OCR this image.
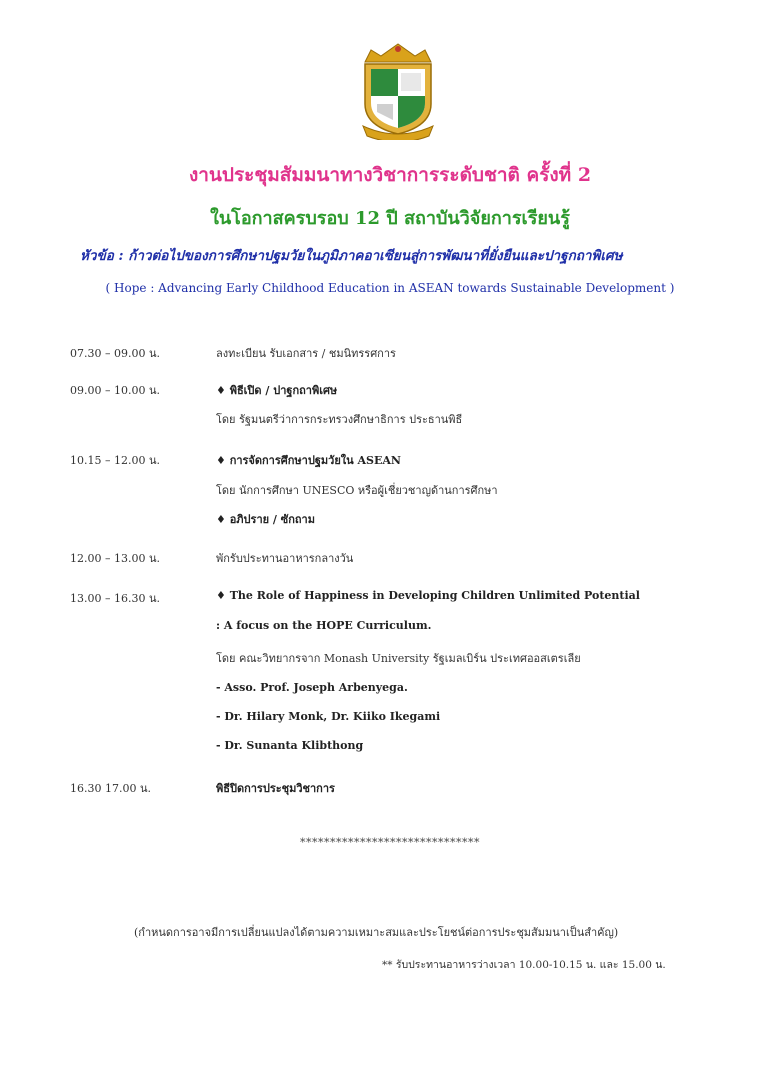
งานประชุมสัมมนาทางวิชาการระดับชาติ ครั้งที่ 2
ในโอกาสครบรอบ 12 ปี สถาบันวิจัยการเรียนรู้
หัวข้อ : ก้าวต่อไปของการศึกษาปฐมวัยในภูมิภาคอาเซียนสู่การพัฒนาที่ยั่งยืนและปาฐกถาพิเศษ
( Hope : Advancing Early Childhood Education in ASEAN towards Sustainable Development )
07.30 – 09.00 น.	ลงทะเบียน รับเอกสาร / ชมนิทรรศการ
09.00 – 10.00 น.	♦ พิธีเปิด / ปาฐกถาพิเศษ
โดย รัฐมนตรีว่าการกระทรวงศึกษาธิการ ประธานพิธี
10.15 – 12.00 น.	♦ การจัดการศึกษาปฐมวัยใน ASEAN
โดย นักการศึกษา UNESCO หรือผู้เชี่ยวชาญด้านการศึกษา
♦ อภิปราย / ซักถาม
12.00 – 13.00 น.	พักรับประทานอาหารกลางวัน
13.00 – 16.30 น.	♦ The Role of Happiness in Developing Children Unlimited Potential
: A focus on the HOPE Curriculum.
โดย คณะวิทยากรจาก Monash University รัฐเมลเบิร์น ประเทศออสเตรเลีย
- Asso. Prof. Joseph Arbenyega.
- Dr. Hilary Monk, Dr. Kiiko Ikegami
- Dr. Sunanta Klibthong
16.30 17.00 น.	พิธีปิดการประชุมวิชาการ
******************************
(กำหนดการอาจมีการเปลี่ยนแปลงได้ตามความเหมาะสมและประโยชน์ต่อการประชุมสัมมนาเป็นสำคัญ)
** รับประทานอาหารว่างเวลา 10.00-10.15 น. และ 15.00 น.
